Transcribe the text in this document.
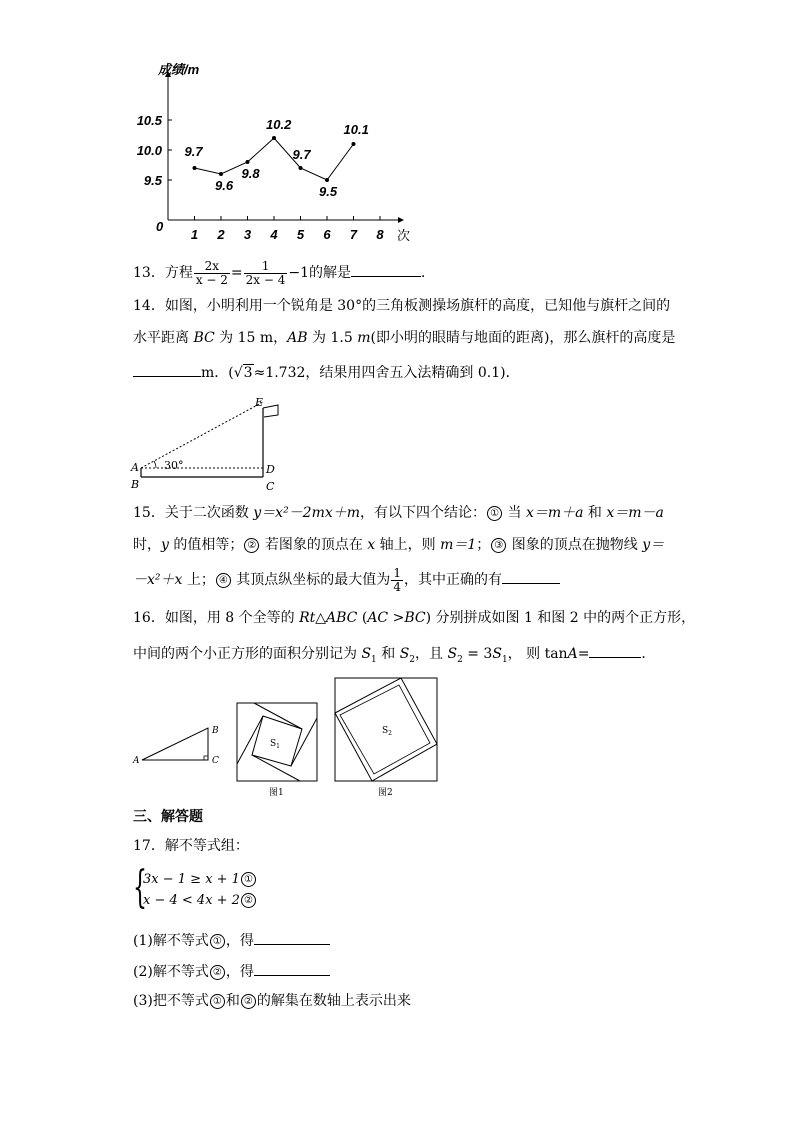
成绩/m
次
0
9.5
10.0
10.5
1 2 3 4 5 6 7 8
9.7
9.6
9.8
10.2
9.7
9.5
10.1
13．方程 $\frac{2x}{x - 2} = \frac{1}{2x - 4} -1$的解是	．
14．如图，小明利用一个锐角是 30°的三角板测操场旗杆的高度，已知他与旗杆之间的
水平距离 BC 为 15 m，AB 为 1.5 m(即小明的眼睛与地面的距离)，那么旗杆的高度是
m．(√3≈1.732，结果用四舍五入法精确到 0.1)．
30°
E
A	D
B	C
15．关于二次函数 y＝x²－2mx＋m，有以下四个结论： ① 当 x＝m＋a 和 x＝m－a
时，y 的值相等； ② 若图象的顶点在 x 轴上，则 m＝1； ③ 图象的顶点在抛物线 y＝
－x²＋x 上； ④ 其顶点纵坐标的最大值为 $\frac{1}{4}$ ，其中正确的有
16．如图，用 8 个全等的 Rt△ABC (AC >BC) 分别拼成如图 1 和图 2 中的两个正方形，
中间的两个小正方形的面积分别记为 $S_1$ 和 $S_2$，且 $S_2 = 3S_1$， 则 tanA=	．
A
B
C
$S_1$
图1
$S_2$
图2
三、解答题
17．解不等式组：
{
3x − 1 ≥ x + 1 ①
x − 4 < 4x + 2 ②
(1)解不等式 ① ，得
(2)解不等式 ② ，得
(3)把不等式 ① 和 ② 的解集在数轴上表示出来
